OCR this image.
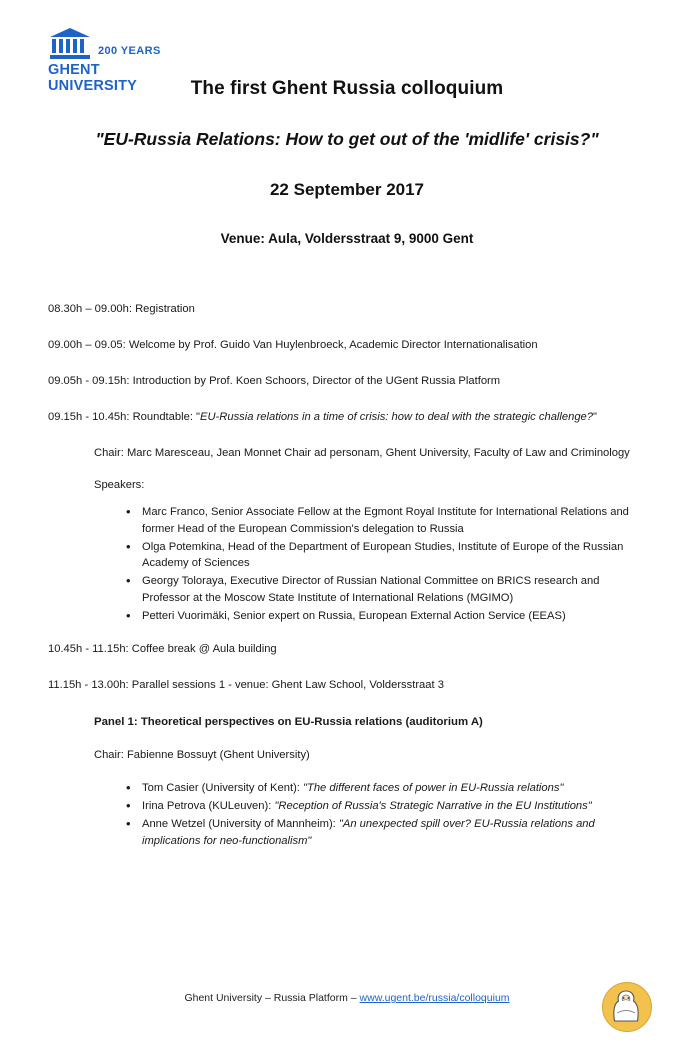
200 YEARS
GHENT
UNIVERSITY	The first Ghent Russia colloquium
"EU-Russia Relations: How to get out of the 'midlife' crisis?"
22 September 2017
Venue: Aula, Voldersstraat 9, 9000 Gent
08.30h – 09.00h: Registration
09.00h – 09.05: Welcome by Prof. Guido Van Huylenbroeck, Academic Director Internationalisation
09.05h - 09.15h: Introduction by Prof. Koen Schoors, Director of the UGent Russia Platform
09.15h - 10.45h: Roundtable: "EU-Russia relations in a time of crisis: how to deal with the strategic challenge?"
Chair: Marc Maresceau, Jean Monnet Chair ad personam, Ghent University, Faculty of Law and Criminology
Speakers:
• Marc Franco, Senior Associate Fellow at the Egmont Royal Institute for International Relations and former Head of the European Commission's delegation to Russia
• Olga Potemkina, Head of the Department of European Studies, Institute of Europe of the Russian Academy of Sciences
• Georgy Toloraya, Executive Director of Russian National Committee on BRICS research and Professor at the Moscow State Institute of International Relations (MGIMO)
• Petteri Vuorimäki, Senior expert on Russia, European External Action Service (EEAS)
10.45h - 11.15h: Coffee break @ Aula building
11.15h - 13.00h: Parallel sessions 1 - venue: Ghent Law School, Voldersstraat 3
Panel 1: Theoretical perspectives on EU-Russia relations (auditorium A)
Chair: Fabienne Bossuyt (Ghent University)
• Tom Casier (University of Kent): "The different faces of power in EU-Russia relations"
• Irina Petrova (KULeuven): "Reception of Russia's Strategic Narrative in the EU Institutions"
• Anne Wetzel (University of Mannheim): "An unexpected spill over? EU-Russia relations and implications for neo-functionalism"
Ghent University – Russia Platform – www.ugent.be/russia/colloquium
